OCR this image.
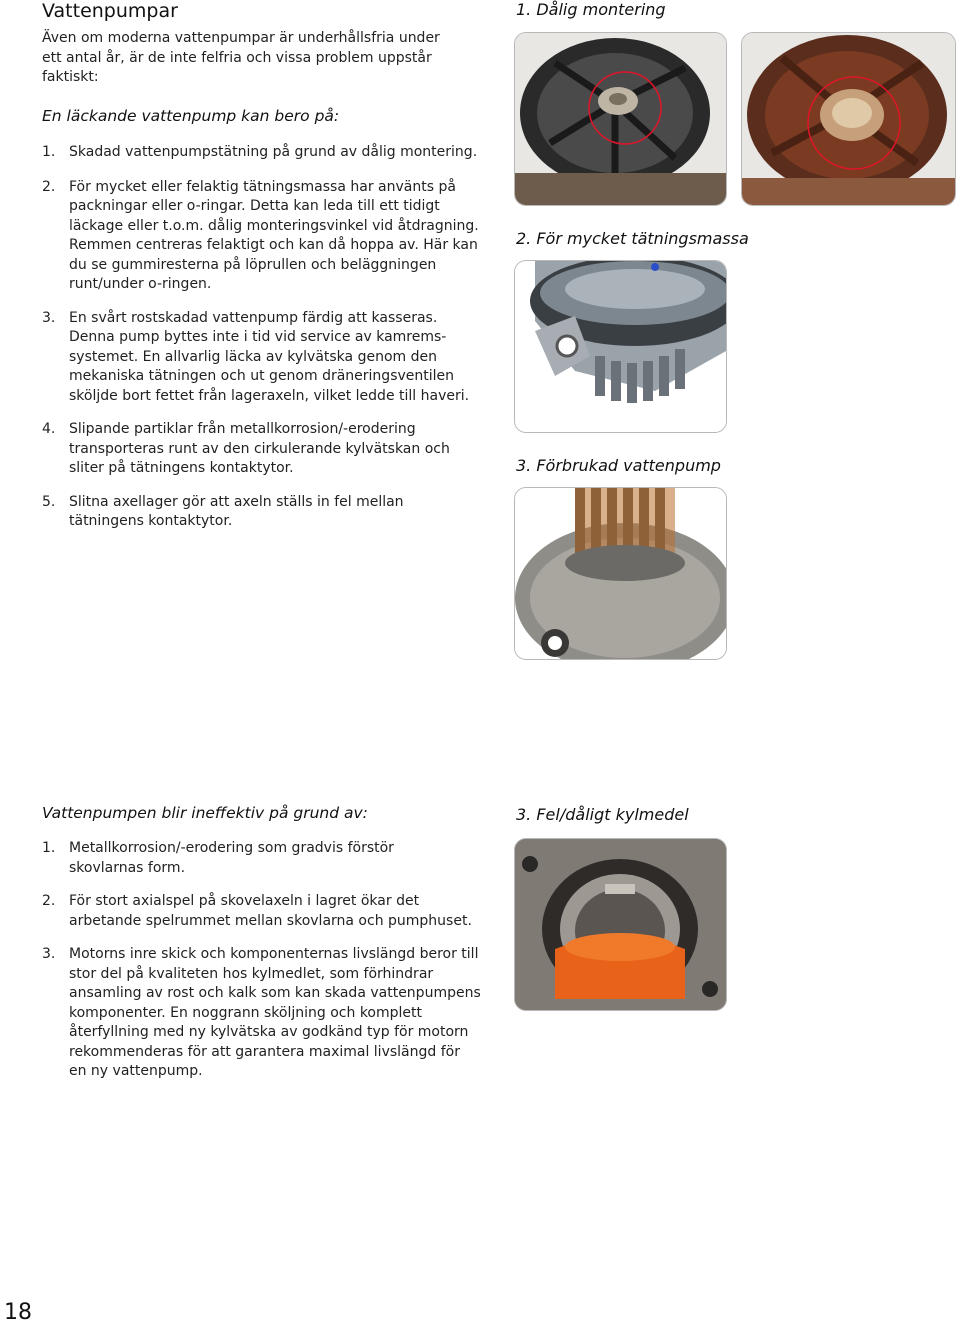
Vattenpumpar
Även om moderna vattenpumpar är underhållsfria under ett antal år, är de inte felfria och vissa problem uppstår faktiskt:
En läckande vattenpump kan bero på:
1. Skadad vattenpumpstätning på grund av dålig montering.
2. För mycket eller felaktig tätningsmassa har använts på packningar eller o-ringar. Detta kan leda till ett tidigt läckage eller t.o.m. dålig monteringsvinkel vid åtdragning. Remmen centreras felaktigt och kan då hoppa av. Här kan du se gummiresterna på löprullen och beläggningen runt/under o-ringen.
3. En svårt rostskadad vattenpump färdig att kasseras. Denna pump byttes inte i tid vid service av kamrems-systemet. En allvarlig läcka av kylvätska genom den mekaniska tätningen och ut genom dräneringsventilen sköljde bort fettet från lageraxeln, vilket ledde till haveri.
4. Slipande partiklar från metallkorrosion/-erodering transporteras runt av den cirkulerande kylvätskan och sliter på tätningens kontaktytor.
5. Slitna axellager gör att axeln ställs in fel mellan tätningens kontaktytor.
Vattenpumpen blir ineffektiv på grund av:
1. Metallkorrosion/-erodering som gradvis förstör skovlarnas form.
2. För stort axialspel på skovelaxeln i lagret ökar det arbetande spelrummet mellan skovlarna och pumphuset.
3. Motorns inre skick och komponenternas livslängd beror till stor del på kvaliteten hos kylmedlet, som förhindrar ansamling av rost och kalk som kan skada vattenpumpens komponenter. En noggrann sköljning och komplett återfyllning med ny kylvätska av godkänd typ för motorn rekommenderas för att garantera maximal livslängd för en ny vattenpump.
1. Dålig montering
2. För mycket tätningsmassa
3. Förbrukad vattenpump
3. Fel/dåligt kylmedel
18
